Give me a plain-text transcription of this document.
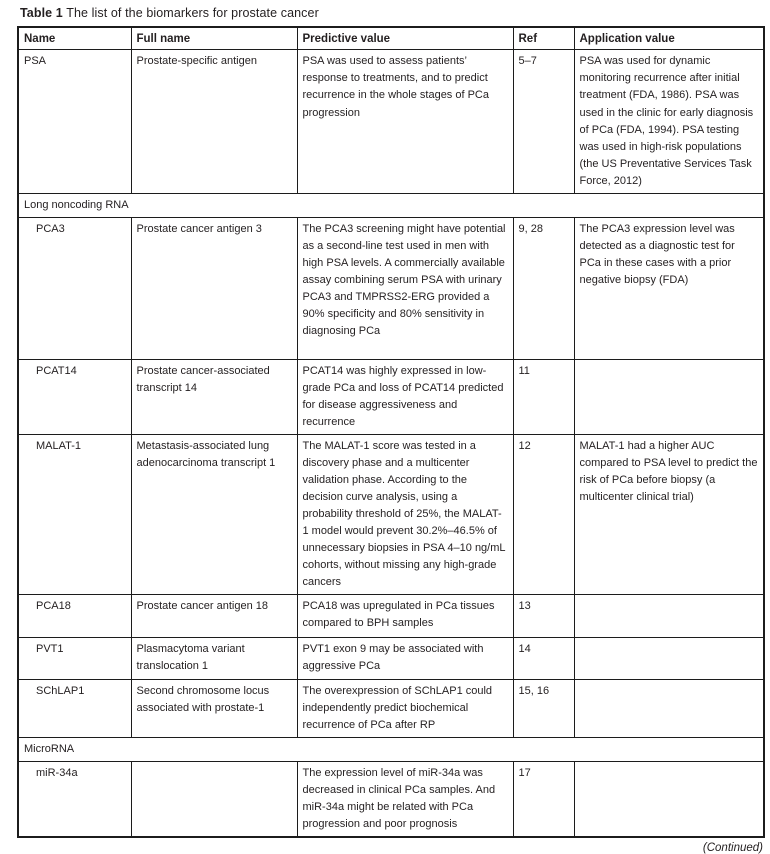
Table 1 The list of the biomarkers for prostate cancer
Name	Full name	Predictive value	Ref	Application value
PSA	Prostate-specific antigen	PSA was used to assess patients’ response to treatments, and to predict recurrence in the whole stages of PCa progression	5–7	PSA was used for dynamic monitoring recurrence after initial treatment (FDA, 1986). PSA was used in the clinic for early diagnosis of PCa (FDA, 1994). PSA testing was used in high-risk populations (the US Preventative Services Task Force, 2012)
Long noncoding RNA				
PCA3	Prostate cancer antigen 3	The PCA3 screening might have potential as a second-line test used in men with high PSA levels. A commercially available assay combining serum PSA with urinary PCA3 and TMPRSS2-ERG provided a 90% specificity and 80% sensitivity in diagnosing PCa	9, 28	The PCA3 expression level was detected as a diagnostic test for PCa in these cases with a prior negative biopsy (FDA)
PCAT14	Prostate cancer-associated transcript 14	PCAT14 was highly expressed in low-grade PCa and loss of PCAT14 predicted for disease aggressiveness and recurrence	11	
MALAT-1	Metastasis-associated lung adenocarcinoma transcript 1	The MALAT-1 score was tested in a discovery phase and a multicenter validation phase. According to the decision curve analysis, using a probability threshold of 25%, the MALAT-1 model would prevent 30.2%–46.5% of unnecessary biopsies in PSA 4–10 ng/mL cohorts, without missing any high-grade cancers	12	MALAT-1 had a higher AUC compared to PSA level to predict the risk of PCa before biopsy (a multicenter clinical trial)
PCA18	Prostate cancer antigen 18	PCA18 was upregulated in PCa tissues compared to BPH samples	13	
PVT1	Plasmacytoma variant translocation 1	PVT1 exon 9 may be associated with aggressive PCa	14	
SChLAP1	Second chromosome locus associated with prostate-1	The overexpression of SChLAP1 could independently predict biochemical recurrence of PCa after RP	15, 16	
MicroRNA				
miR-34a		The expression level of miR-34a was decreased in clinical PCa samples. And miR-34a might be related with PCa progression and poor prognosis	17	
(Continued)
